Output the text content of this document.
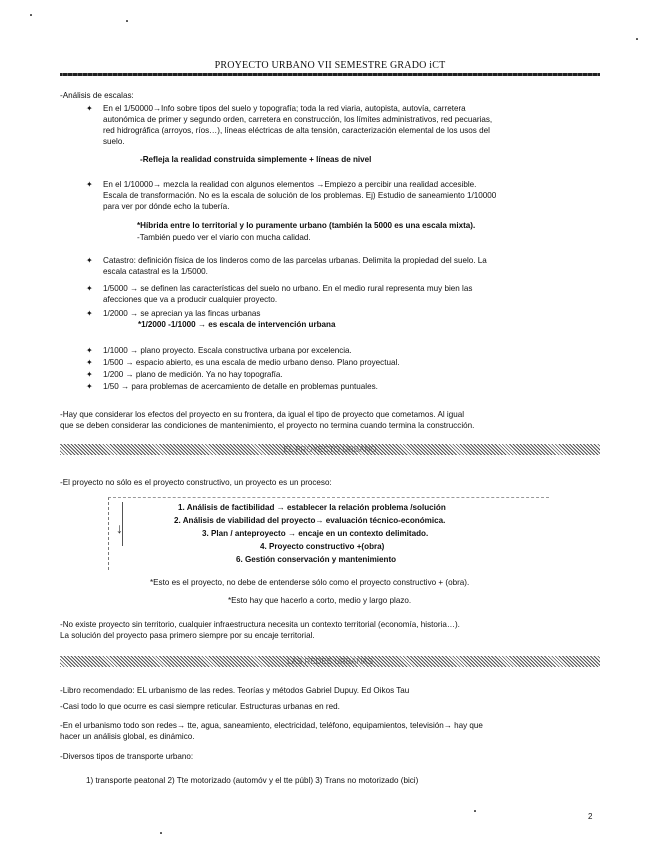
PROYECTO URBANO VII SEMESTRE GRADO iCT
-Análisis de escalas:
✦ En el 1/50000→Info sobre tipos del suelo y topografía; toda la red viaria, autopista, autovía, carretera
autonómica de primer y segundo orden, carretera en construcción, los límites administrativos, red pecuarias,
red hidrográfica (arroyos, ríos…), líneas eléctricas de alta tensión, caracterización elemental de los usos del
suelo.
-Refleja la realidad construida simplemente + líneas de nivel
✦ En el 1/10000→ mezcla la realidad con algunos elementos →Empiezo a percibir una realidad accesible.
Escala de transformación. No es la escala de solución de los problemas. Ej) Estudio de saneamiento 1/10000
para ver por dónde echo la tubería.
*Híbrida entre lo territorial y lo puramente urbano (también la 5000 es una escala mixta).
-También puedo ver el viario con mucha calidad.
✦ Catastro: definición física de los linderos como de las parcelas urbanas. Delimita la propiedad del suelo. La
escala catastral es la 1/5000.
✦ 1/5000 → se definen las características del suelo no urbano. En el medio rural representa muy bien las
afecciones que va a producir cualquier proyecto.
✦ 1/2000 → se aprecian ya las fincas urbanas
*1/2000 -1/1000 → es escala de intervención urbana
✦ 1/1000 → plano proyecto. Escala constructiva urbana por excelencia.
✦ 1/500 → espacio abierto, es una escala de medio urbano denso. Plano proyectual.
✦ 1/200 → plano de medición. Ya no hay topografía.
✦ 1/50 → para problemas de acercamiento de detalle en problemas puntuales.
-Hay que considerar los efectos del proyecto en su frontera, da igual el tipo de proyecto que cometamos. Al igual
que se deben considerar las condiciones de mantenimiento, el proyecto no termina cuando termina la construcción.
EL PROYECTO URBANO
-El proyecto no sólo es el proyecto constructivo, un proyecto es un proceso:
↓
1. Análisis de factibilidad → establecer la relación problema /solución
2. Análisis de viabilidad del proyecto→ evaluación técnico-económica.
3. Plan / anteproyecto → encaje en un contexto delimitado.
4. Proyecto constructivo +(obra)
6. Gestión conservación y mantenimiento
*Esto es el proyecto, no debe de entenderse sólo como el proyecto constructivo + (obra).
*Esto hay que hacerlo a corto, medio y largo plazo.
-No existe proyecto sin territorio, cualquier infraestructura necesita un contexto territorial (economía, historia…).
La solución del proyecto pasa primero siempre por su encaje territorial.
LAS REDES URBANAS
-Libro recomendado: EL urbanismo de las redes. Teorías y métodos Gabriel Dupuy. Ed Oikos Tau
-Casi todo lo que ocurre es casi siempre reticular. Estructuras urbanas en red.
-En el urbanismo todo son redes→ tte, agua, saneamiento, electricidad, teléfono, equipamientos, televisión→ hay que
hacer un análisis global, es dinámico.
-Diversos tipos de transporte urbano:
1) transporte peatonal 2) Tte motorizado (automóv y el tte públ) 3) Trans no motorizado (bici)
2
